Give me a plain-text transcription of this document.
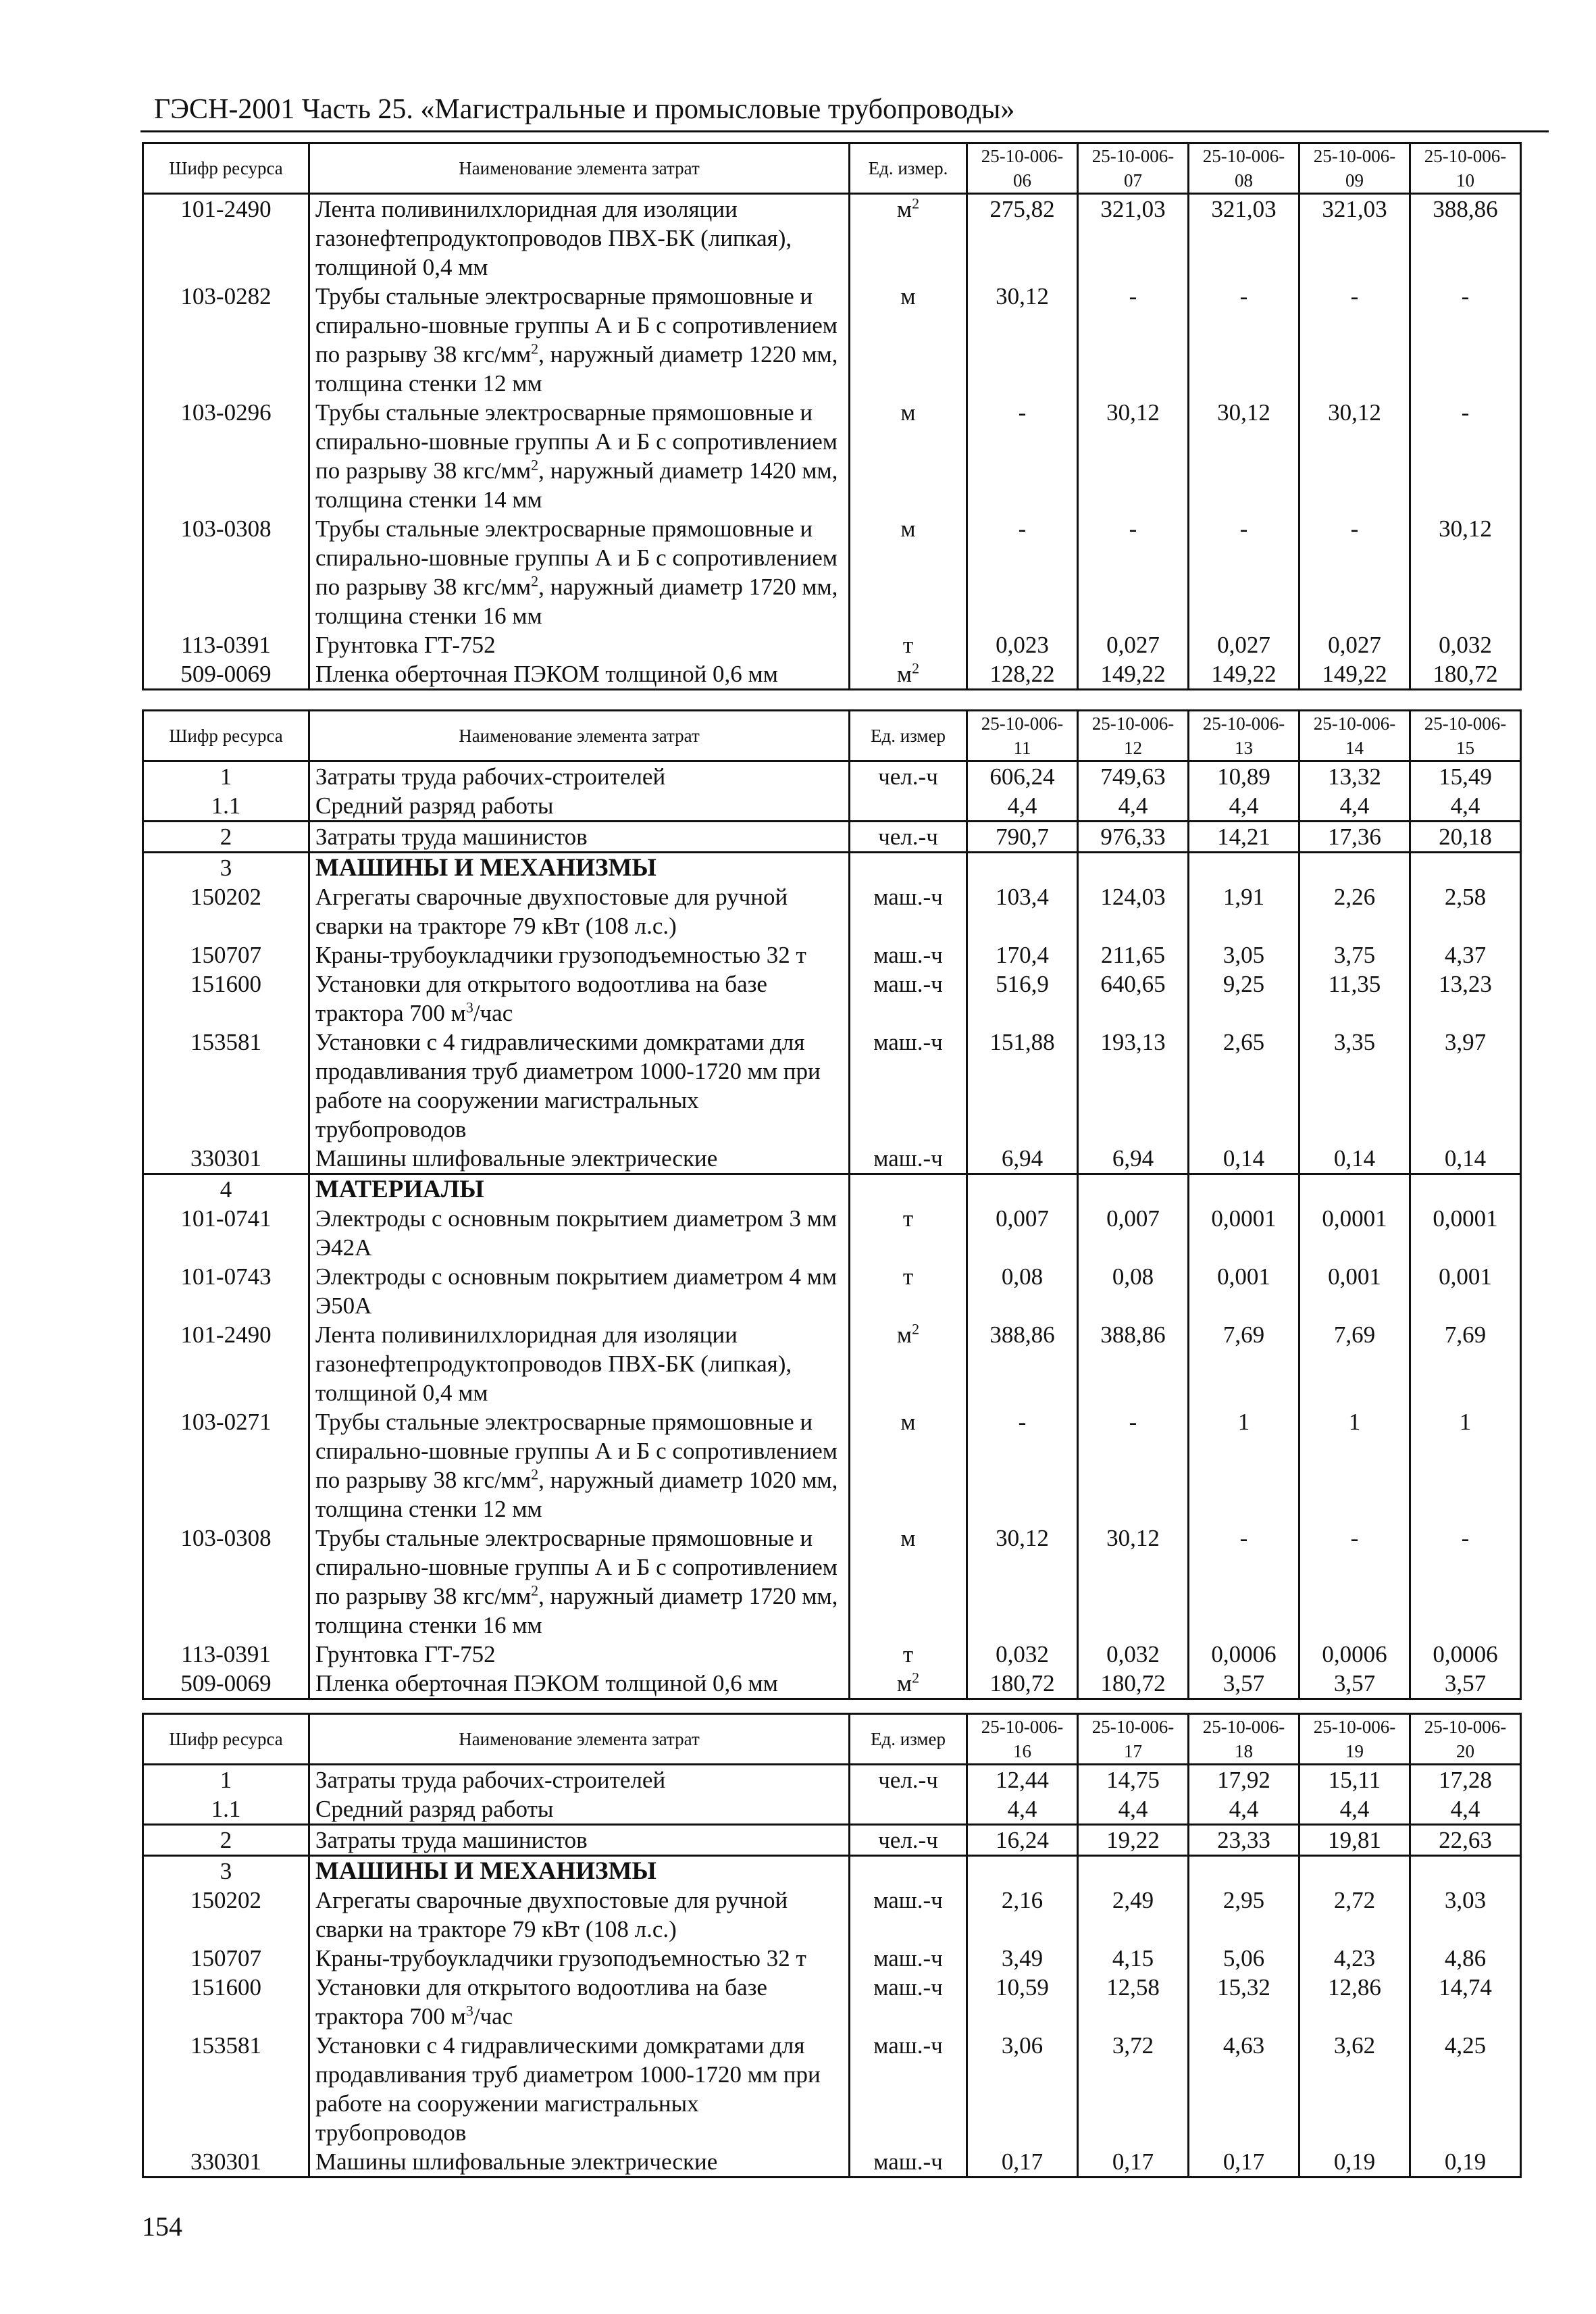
ГЭСН-2001 Часть 25. «Магистральные и промысловые трубопроводы»
Шифр ресурса	Наименование элемента затрат	Ед. измер.	25-10-006-06	25-10-006-07	25-10-006-08	25-10-006-09	25-10-006-10
101-2490	Лента поливинилхлоридная для изоляции газонефтепродуктопроводов ПВХ-БК (липкая), толщиной 0,4 мм	$м^2$	275,82	321,03	321,03	321,03	388,86
103-0282	Трубы стальные электросварные прямошовные и спирально-шовные группы А и Б с сопротивлением по разрыву 38 кгс/$мм^2$, наружный диаметр 1220 мм, толщина стенки 12 мм	м	30,12	-	-	-	-
103-0296	Трубы стальные электросварные прямошовные и спирально-шовные группы А и Б с сопротивлением по разрыву 38 кгс/$мм^2$, наружный диаметр 1420 мм, толщина стенки 14 мм	м	-	30,12	30,12	30,12	-
103-0308	Трубы стальные электросварные прямошовные и спирально-шовные группы А и Б с сопротивлением по разрыву 38 кгс/$мм^2$, наружный диаметр 1720 мм, толщина стенки 16 мм	м	-	-	-	-	30,12
113-0391	Грунтовка ГТ-752	т	0,023	0,027	0,027	0,027	0,032
509-0069	Пленка оберточная ПЭКОМ толщиной 0,6 мм	$м^2$	128,22	149,22	149,22	149,22	180,72
Шифр ресурса	Наименование элемента затрат	Ед. измер	25-10-006-11	25-10-006-12	25-10-006-13	25-10-006-14	25-10-006-15
1	Затраты труда рабочих-строителей	чел.-ч	606,24	749,63	10,89	13,32	15,49
1.1	Средний разряд работы		4,4	4,4	4,4	4,4	4,4
2	Затраты труда машинистов	чел.-ч	790,7	976,33	14,21	17,36	20,18
3	МАШИНЫ И МЕХАНИЗМЫ						
150202	Агрегаты сварочные двухпостовые для ручной сварки на тракторе 79 кВт (108 л.с.)	маш.-ч	103,4	124,03	1,91	2,26	2,58
150707	Краны-трубоукладчики грузоподъемностью 32 т	маш.-ч	170,4	211,65	3,05	3,75	4,37
151600	Установки для открытого водоотлива на базе трактора 700 $м^3$/час	маш.-ч	516,9	640,65	9,25	11,35	13,23
153581	Установки с 4 гидравлическими домкратами для продавливания труб диаметром 1000-1720 мм при работе на сооружении магистральных трубопроводов	маш.-ч	151,88	193,13	2,65	3,35	3,97
330301	Машины шлифовальные электрические	маш.-ч	6,94	6,94	0,14	0,14	0,14
4	МАТЕРИАЛЫ						
101-0741	Электроды с основным покрытием диаметром 3 мм Э42А	т	0,007	0,007	0,0001	0,0001	0,0001
101-0743	Электроды с основным покрытием диаметром 4 мм Э50А	т	0,08	0,08	0,001	0,001	0,001
101-2490	Лента поливинилхлоридная для изоляции газонефтепродуктопроводов ПВХ-БК (липкая), толщиной 0,4 мм	$м^2$	388,86	388,86	7,69	7,69	7,69
103-0271	Трубы стальные электросварные прямошовные и спирально-шовные группы А и Б с сопротивлением по разрыву 38 кгс/$мм^2$, наружный диаметр 1020 мм, толщина стенки 12 мм	м	-	-	1	1	1
103-0308	Трубы стальные электросварные прямошовные и спирально-шовные группы А и Б с сопротивлением по разрыву 38 кгс/$мм^2$, наружный диаметр 1720 мм, толщина стенки 16 мм	м	30,12	30,12	-	-	-
113-0391	Грунтовка ГТ-752	т	0,032	0,032	0,0006	0,0006	0,0006
509-0069	Пленка оберточная ПЭКОМ толщиной 0,6 мм	$м^2$	180,72	180,72	3,57	3,57	3,57
Шифр ресурса	Наименование элемента затрат	Ед. измер	25-10-006-16	25-10-006-17	25-10-006-18	25-10-006-19	25-10-006-20
1	Затраты труда рабочих-строителей	чел.-ч	12,44	14,75	17,92	15,11	17,28
1.1	Средний разряд работы		4,4	4,4	4,4	4,4	4,4
2	Затраты труда машинистов	чел.-ч	16,24	19,22	23,33	19,81	22,63
3	МАШИНЫ И МЕХАНИЗМЫ						
150202	Агрегаты сварочные двухпостовые для ручной сварки на тракторе 79 кВт (108 л.с.)	маш.-ч	2,16	2,49	2,95	2,72	3,03
150707	Краны-трубоукладчики грузоподъемностью 32 т	маш.-ч	3,49	4,15	5,06	4,23	4,86
151600	Установки для открытого водоотлива на базе трактора 700 $м^3$/час	маш.-ч	10,59	12,58	15,32	12,86	14,74
153581	Установки с 4 гидравлическими домкратами для продавливания труб диаметром 1000-1720 мм при работе на сооружении магистральных трубопроводов	маш.-ч	3,06	3,72	4,63	3,62	4,25
330301	Машины шлифовальные электрические	маш.-ч	0,17	0,17	0,17	0,19	0,19
154
